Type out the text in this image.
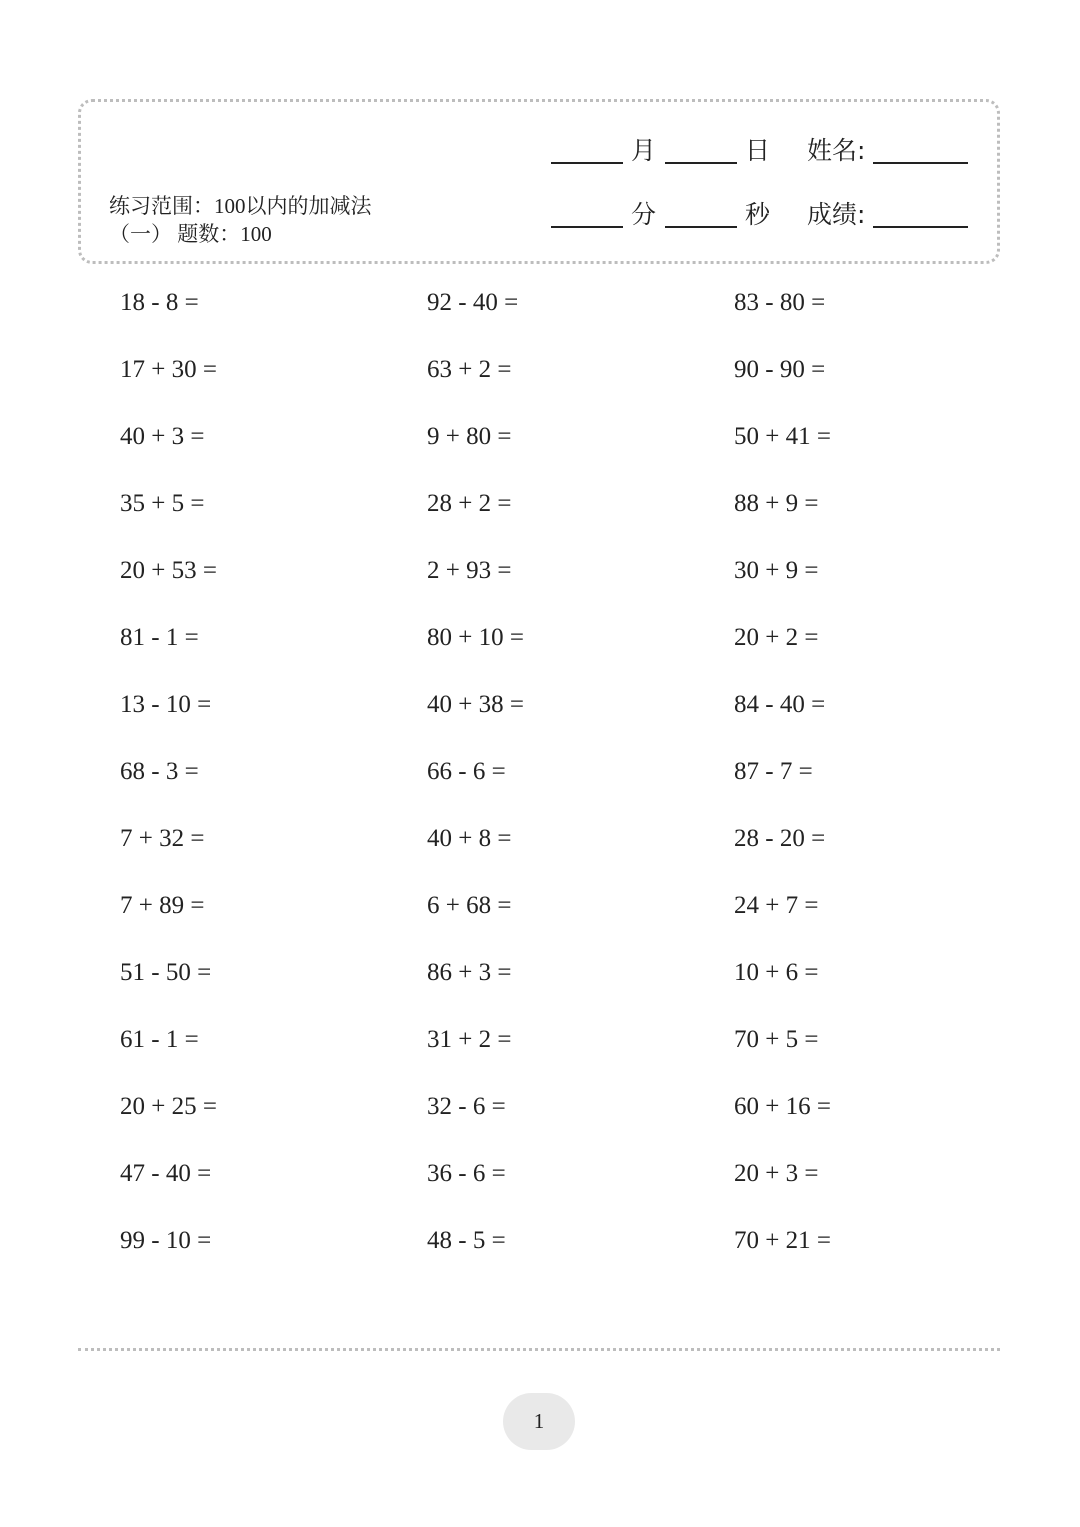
练习范围：100以内的加减法
（一） 题数：100
月	日 姓名:
分	秒 成绩:
18 - 8 =	92 - 40 =	83 - 80 =
17 + 30 =	63 + 2 =	90 - 90 =
40 + 3 =	9 + 80 =	50 + 41 =
35 + 5 =	28 + 2 =	88 + 9 =
20 + 53 =	2 + 93 =	30 + 9 =
81 - 1 =	80 + 10 =	20 + 2 =
13 - 10 =	40 + 38 =	84 - 40 =
68 - 3 =	66 - 6 =	87 - 7 =
7 + 32 =	40 + 8 =	28 - 20 =
7 + 89 =	6 + 68 =	24 + 7 =
51 - 50 =	86 + 3 =	10 + 6 =
61 - 1 =	31 + 2 =	70 + 5 =
20 + 25 =	32 - 6 =	60 + 16 =
47 - 40 =	36 - 6 =	20 + 3 =
99 - 10 =	48 - 5 =	70 + 21 =
1
